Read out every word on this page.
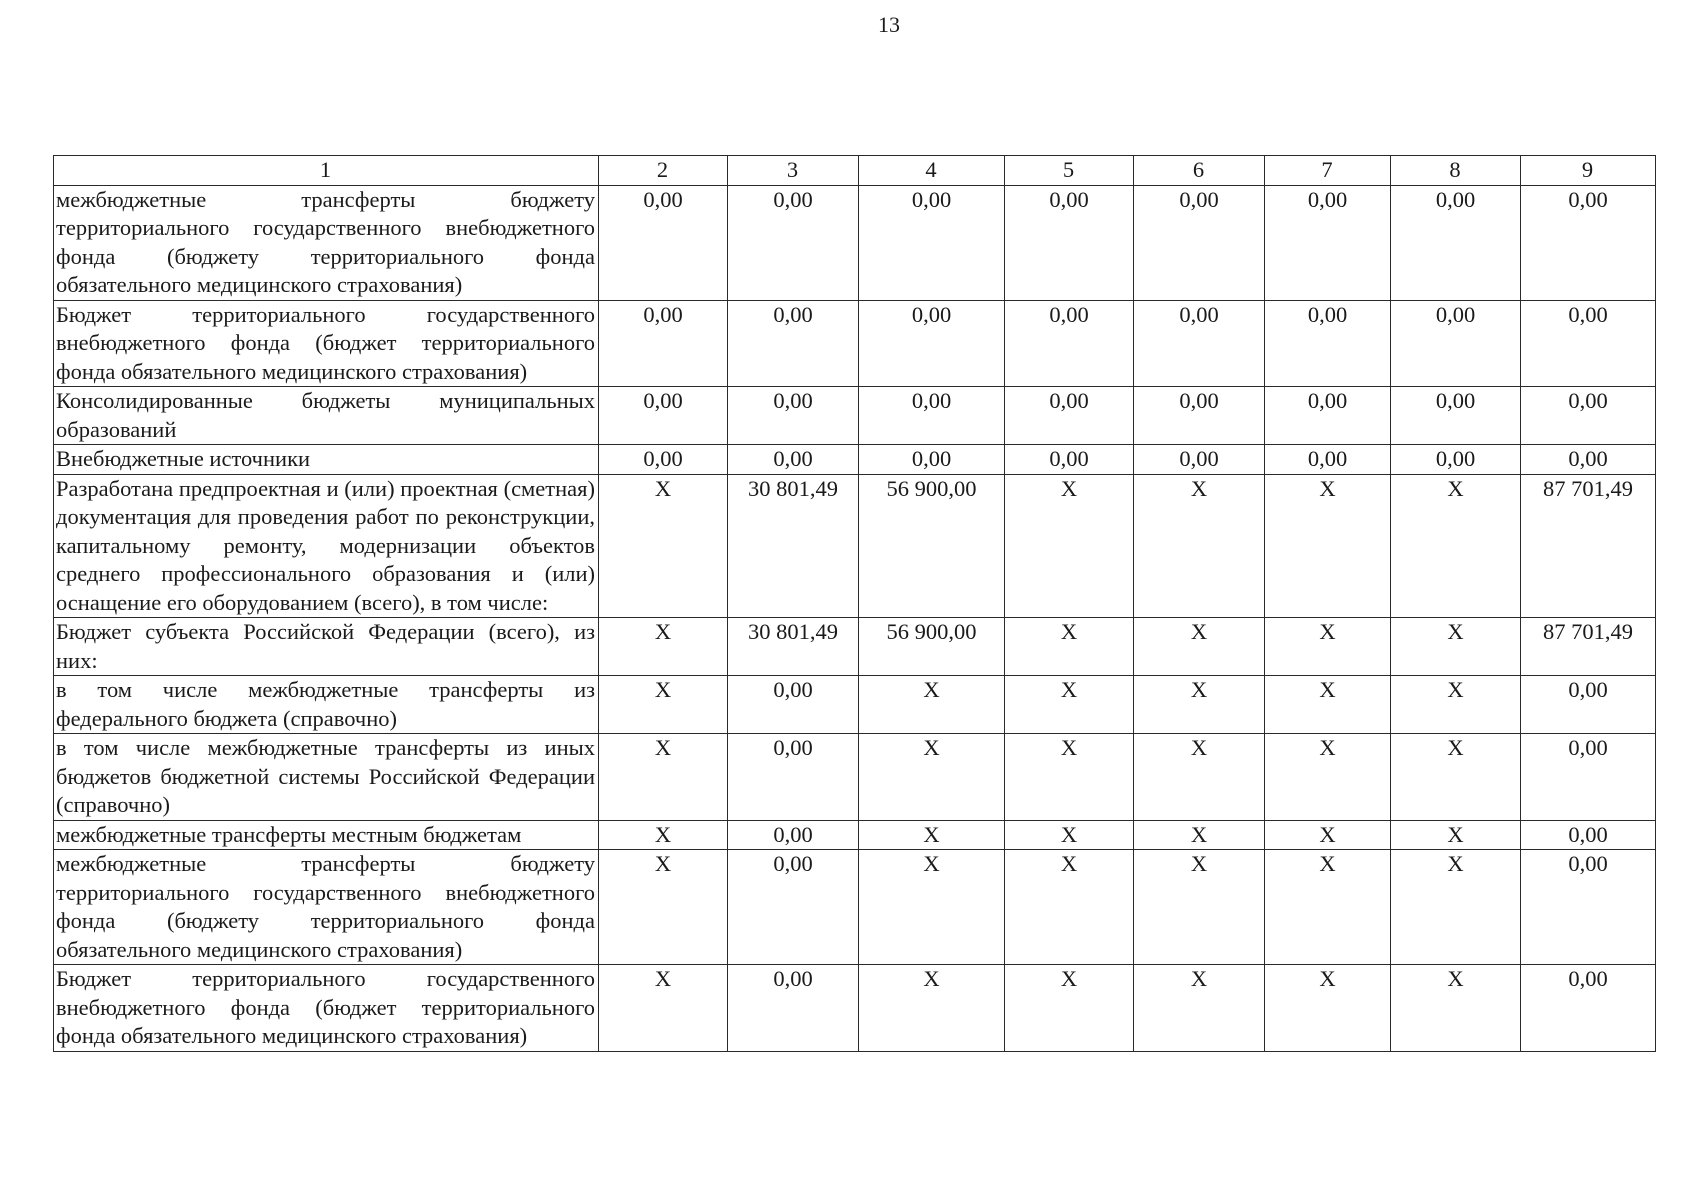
13
1	2	3	4	5	6	7	8	9
межбюджетные трансферты бюджету территориального государственного внебюджетного фонда (бюджету территориального фонда обязательного медицинского страхования)	0,00	0,00	0,00	0,00	0,00	0,00	0,00	0,00
Бюджет территориального государственного внебюджетного фонда (бюджет территориального фонда обязательного медицинского страхования)	0,00	0,00	0,00	0,00	0,00	0,00	0,00	0,00
Консолидированные бюджеты муниципальных образований	0,00	0,00	0,00	0,00	0,00	0,00	0,00	0,00
Внебюджетные источники	0,00	0,00	0,00	0,00	0,00	0,00	0,00	0,00
Разработана предпроектная и (или) проектная (сметная) документация для проведения работ по реконструкции, капитальному ремонту, модернизации объектов среднего профессионального образования и (или) оснащение его оборудованием (всего), в том числе:	Х	30 801,49	56 900,00	Х	Х	Х	Х	87 701,49
Бюджет субъекта Российской Федерации (всего), из них:	Х	30 801,49	56 900,00	Х	Х	Х	Х	87 701,49
в том числе межбюджетные трансферты из федерального бюджета (справочно)	Х	0,00	Х	Х	Х	Х	Х	0,00
в том числе межбюджетные трансферты из иных бюджетов бюджетной системы Российской Федерации (справочно)	Х	0,00	Х	Х	Х	Х	Х	0,00
межбюджетные трансферты местным бюджетам	Х	0,00	Х	Х	Х	Х	Х	0,00
межбюджетные трансферты бюджету территориального государственного внебюджетного фонда (бюджету территориального фонда обязательного медицинского страхования)	Х	0,00	Х	Х	Х	Х	Х	0,00
Бюджет территориального государственного внебюджетного фонда (бюджет территориального фонда обязательного медицинского страхования)	Х	0,00	Х	Х	Х	Х	Х	0,00
